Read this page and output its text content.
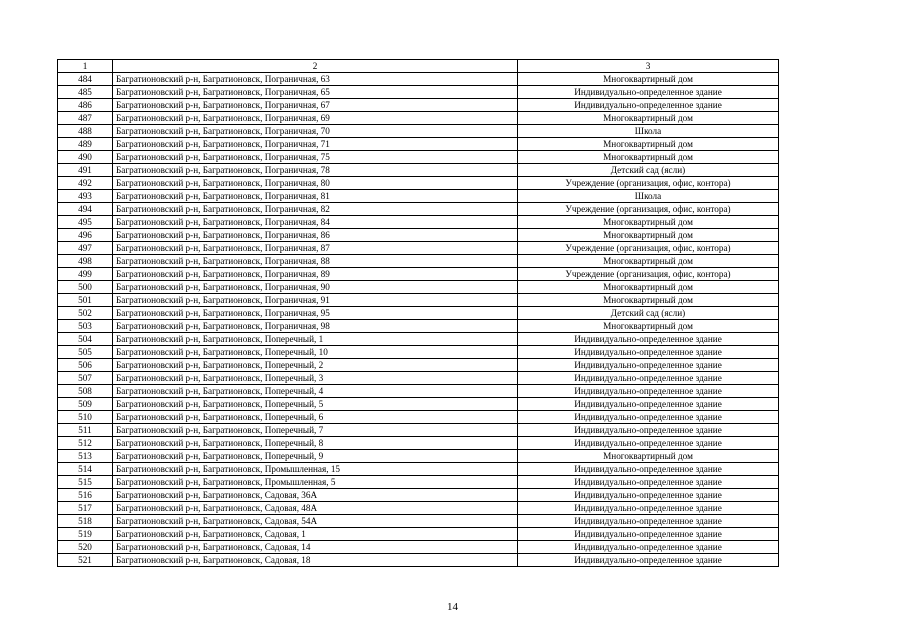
1	2	3
484	Багратионовский р-н, Багратионовск, Пограничная, 63	Многоквартирный дом
485	Багратионовский р-н, Багратионовск, Пограничная, 65	Индивидуально-определенное здание
486	Багратионовский р-н, Багратионовск, Пограничная, 67	Индивидуально-определенное здание
487	Багратионовский р-н, Багратионовск, Пограничная, 69	Многоквартирный дом
488	Багратионовский р-н, Багратионовск, Пограничная, 70	Школа
489	Багратионовский р-н, Багратионовск, Пограничная, 71	Многоквартирный дом
490	Багратионовский р-н, Багратионовск, Пограничная, 75	Многоквартирный дом
491	Багратионовский р-н, Багратионовск, Пограничная, 78	Детский сад (ясли)
492	Багратионовский р-н, Багратионовск, Пограничная, 80	Учреждение (организация, офис, контора)
493	Багратионовский р-н, Багратионовск, Пограничная, 81	Школа
494	Багратионовский р-н, Багратионовск, Пограничная, 82	Учреждение (организация, офис, контора)
495	Багратионовский р-н, Багратионовск, Пограничная, 84	Многоквартирный дом
496	Багратионовский р-н, Багратионовск, Пограничная, 86	Многоквартирный дом
497	Багратионовский р-н, Багратионовск, Пограничная, 87	Учреждение (организация, офис, контора)
498	Багратионовский р-н, Багратионовск, Пограничная, 88	Многоквартирный дом
499	Багратионовский р-н, Багратионовск, Пограничная, 89	Учреждение (организация, офис, контора)
500	Багратионовский р-н, Багратионовск, Пограничная, 90	Многоквартирный дом
501	Багратионовский р-н, Багратионовск, Пограничная, 91	Многоквартирный дом
502	Багратионовский р-н, Багратионовск, Пограничная, 95	Детский сад (ясли)
503	Багратионовский р-н, Багратионовск, Пограничная, 98	Многоквартирный дом
504	Багратионовский р-н, Багратионовск, Поперечный, 1	Индивидуально-определенное здание
505	Багратионовский р-н, Багратионовск, Поперечный, 10	Индивидуально-определенное здание
506	Багратионовский р-н, Багратионовск, Поперечный, 2	Индивидуально-определенное здание
507	Багратионовский р-н, Багратионовск, Поперечный, 3	Индивидуально-определенное здание
508	Багратионовский р-н, Багратионовск, Поперечный, 4	Индивидуально-определенное здание
509	Багратионовский р-н, Багратионовск, Поперечный, 5	Индивидуально-определенное здание
510	Багратионовский р-н, Багратионовск, Поперечный, 6	Индивидуально-определенное здание
511	Багратионовский р-н, Багратионовск, Поперечный, 7	Индивидуально-определенное здание
512	Багратионовский р-н, Багратионовск, Поперечный, 8	Индивидуально-определенное здание
513	Багратионовский р-н, Багратионовск, Поперечный, 9	Многоквартирный дом
514	Багратионовский р-н, Багратионовск, Промышленная, 15	Индивидуально-определенное здание
515	Багратионовский р-н, Багратионовск, Промышленная, 5	Индивидуально-определенное здание
516	Багратионовский р-н, Багратионовск, Садовая, 36А	Индивидуально-определенное здание
517	Багратионовский р-н, Багратионовск, Садовая, 48А	Индивидуально-определенное здание
518	Багратионовский р-н, Багратионовск, Садовая, 54А	Индивидуально-определенное здание
519	Багратионовский р-н, Багратионовск, Садовая, 1	Индивидуально-определенное здание
520	Багратионовский р-н, Багратионовск, Садовая, 14	Индивидуально-определенное здание
521	Багратионовский р-н, Багратионовск, Садовая, 18	Индивидуально-определенное здание
14
